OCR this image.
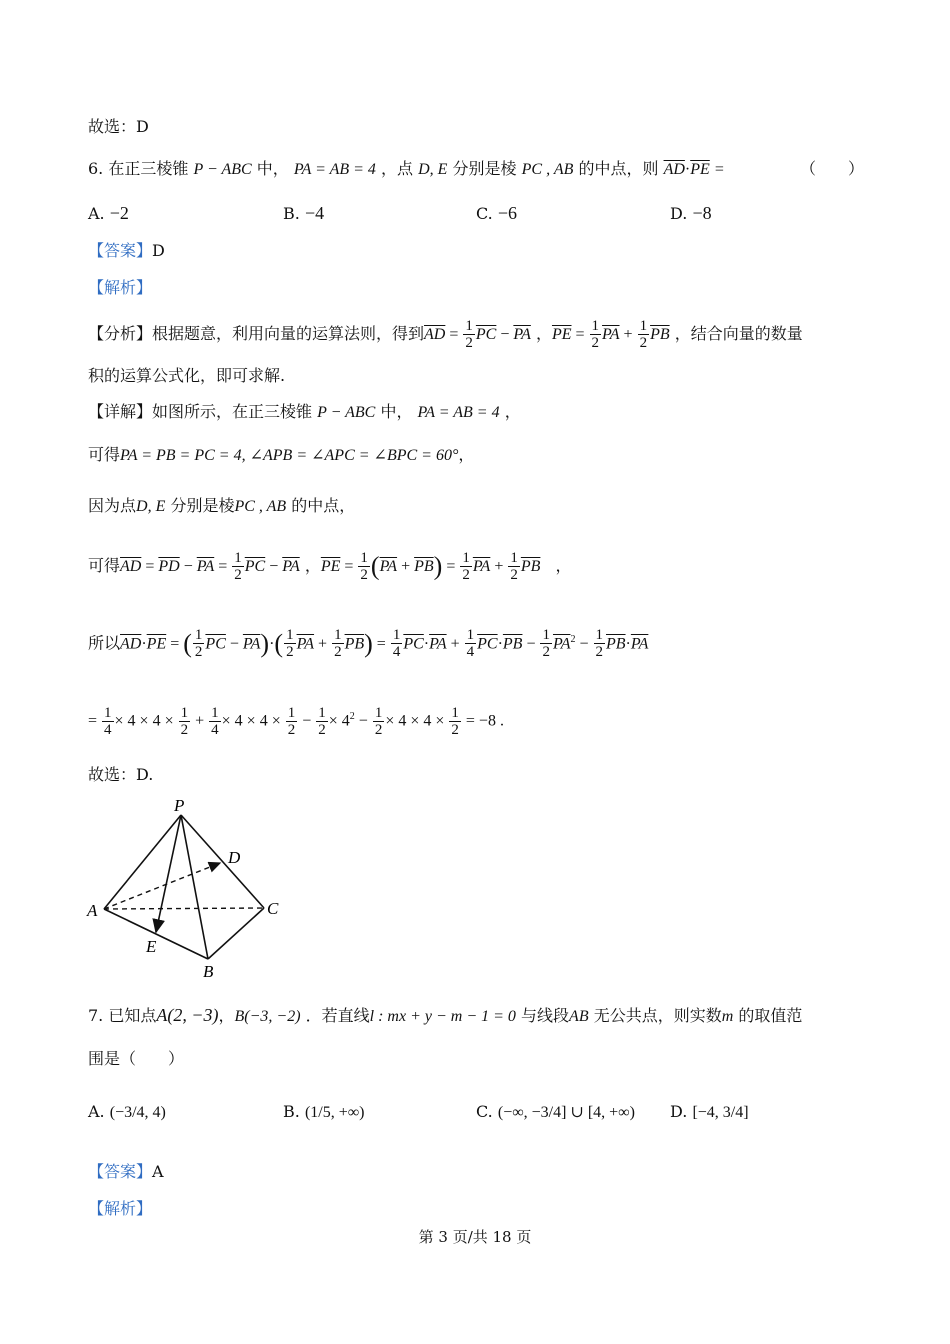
故选：D
6. 在正三棱锥 P − ABC 中， PA = AB = 4 ，点 D, E 分别是棱 PC , AB 的中点，则 $\overline{AD}\cdot\overline{PE}$ =	（　　）
A. −2	B. −4	C. −6	D. −8
【答案】D
【解析】
【分析】根据题意，利用向量的运算法则，得到$\overline{AD} = \frac{1}{2} \overline{PC} - \overline{PA}$ ，$\overline{PE} = \frac{1}{2} \overline{PA} + \frac{1}{2} \overline{PB}$ ，结合向量的数量
积的运算公式化，即可求解.
【详解】如图所示，在正三棱锥 P − ABC 中， PA = AB = 4 ，
可得PA = PB = PC = 4, ∠APB = ∠APC = ∠BPC = 60°，
因为点D, E 分别是棱PC , AB 的中点，
可得$\overline{AD} = \overline{PD} - \overline{PA} = \frac{1}{2} \overline{PC} - \overline{PA}$ ，$\overline{PE} = \frac{1}{2} (\overline{PA} + \overline{PB}) = \frac{1}{2} \overline{PA} + \frac{1}{2} \overline{PB}$ ，
所以$\overline{AD}\cdot\overline{PE}$ = ( $\frac{1}{2} \overline{PC} - \overline{PA})\cdot( \frac{1}{2} \overline{PA} + \frac{1}{2} \overline{PB}) = \frac{1}{4} \overline{PC}\cdot\overline{PA} + \frac{1}{4} \overline{PC}\cdot\overline{PB} - \frac{1}{2} \overline{PA}^2 - \frac{1}{2} \overline{PB}\cdot\overline{PA}$
= $\frac{1}{4} \times 4 \times 4 \times \frac{1}{2} + \frac{1}{4} \times 4 \times 4 \times \frac{1}{2} - \frac{1}{2} \times 4^2 - \frac{1}{2} \times 4 \times 4 \times \frac{1}{2} = -8$ .
故选：D.
P
D
A	C
E
B
7. 已知点A(2, −3)，B(−3, −2) ．若直线l : mx + y − m − 1 = 0 与线段AB 无公共点，则实数m 的取值范
围是（　　）
A. (−3/4, 4)	B. (1/5, +∞)	C. (−∞, −3/4] ∪ [4, +∞) D. [−4, 3/4]
【答案】A
【解析】
第 3 页/共 18 页
